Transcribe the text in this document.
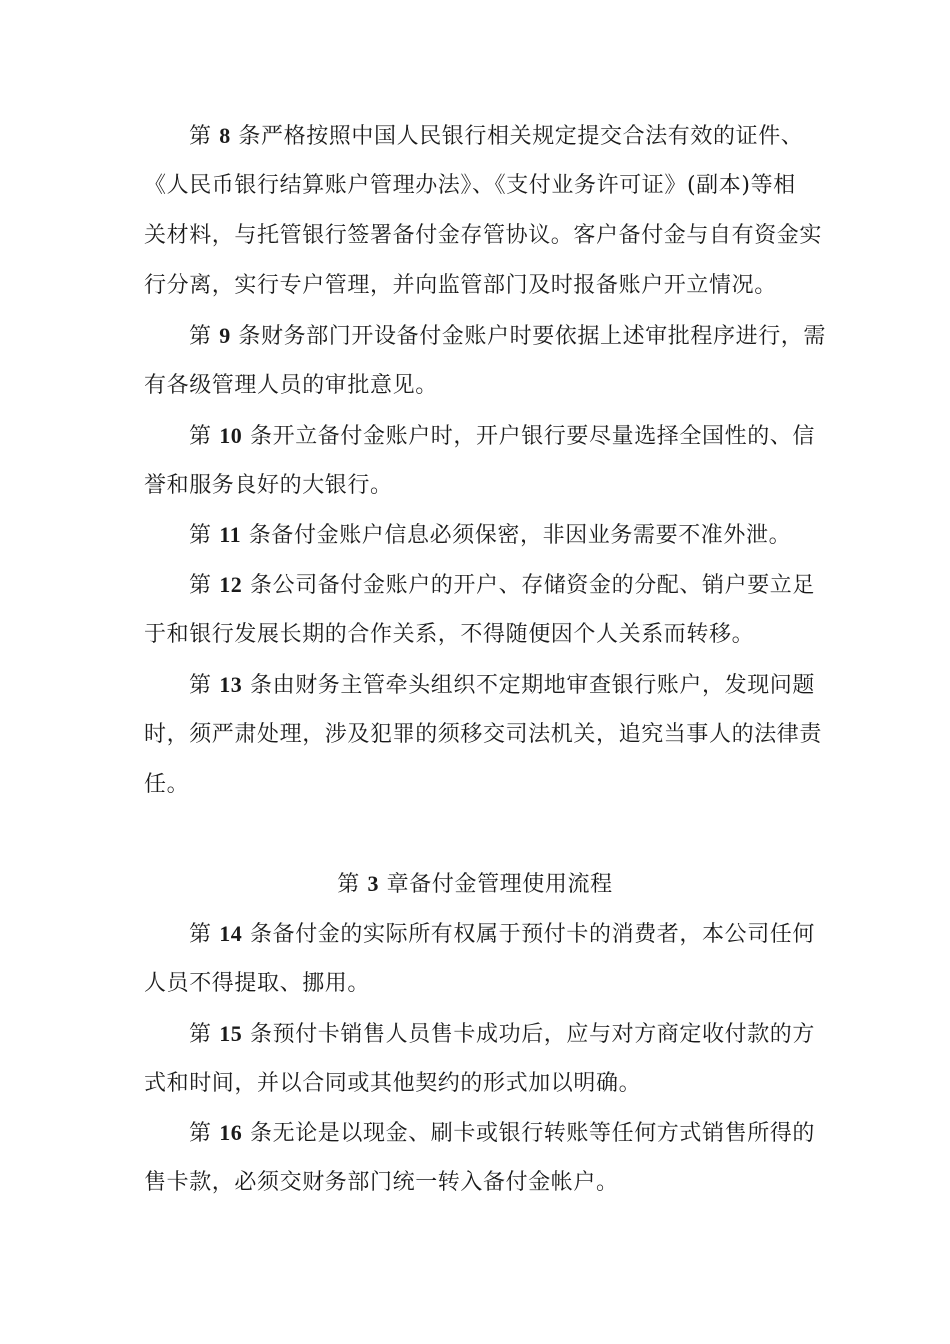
第 8 条严格按照中国人民银行相关规定提交合法有效的证件、
《人民币银行结算账户管理办法》、《支付业务许可证》(副本)等相
关材料，与托管银行签署备付金存管协议。客户备付金与自有资金实
行分离，实行专户管理，并向监管部门及时报备账户开立情况。
第 9 条财务部门开设备付金账户时要依据上述审批程序进行，需
有各级管理人员的审批意见。
第 10 条开立备付金账户时，开户银行要尽量选择全国性的、信
誉和服务良好的大银行。
第 11 条备付金账户信息必须保密，非因业务需要不准外泄。
第 12 条公司备付金账户的开户、存储资金的分配、销户要立足
于和银行发展长期的合作关系，不得随便因个人关系而转移。
第 13 条由财务主管牵头组织不定期地审查银行账户，发现问题
时，须严肃处理，涉及犯罪的须移交司法机关，追究当事人的法律责
任。
第 3 章备付金管理使用流程
第 14 条备付金的实际所有权属于预付卡的消费者，本公司任何
人员不得提取、挪用。
第 15 条预付卡销售人员售卡成功后，应与对方商定收付款的方
式和时间，并以合同或其他契约的形式加以明确。
第 16 条无论是以现金、刷卡或银行转账等任何方式销售所得的
售卡款，必须交财务部门统一转入备付金帐户。
